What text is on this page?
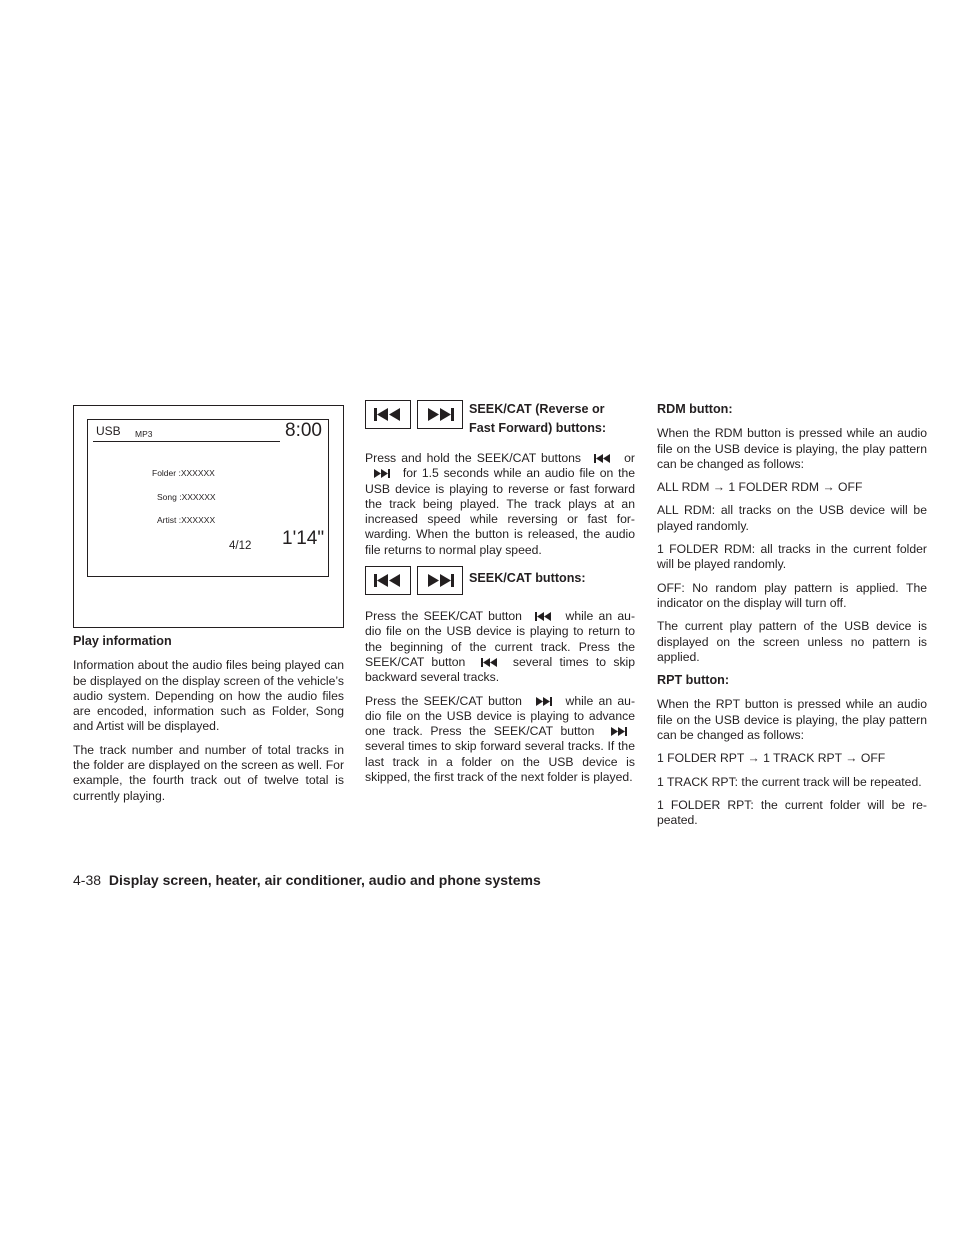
USB MP3	8:00
Folder :XXXXXX
Song :XXXXXX
Artist :XXXXXX
4/12 1'14"
Play information

Information about the audio files being played can be displayed on the display screen of the vehicle’s audio system. Depending on how the audio files are encoded, information such as Folder, Song and Artist will be displayed.

The track number and number of total tracks in the folder are displayed on the screen as well. For example, the fourth track out of twelve total is currently playing.

SEEK/CAT (Reverse or
Fast Forward) buttons:

Press and hold the SEEK/CAT buttons	or  for 1.5 seconds while an audio file on the USB device is playing to reverse or fast forward the track being played. The track plays at an increased speed while reversing or fast for-warding. When the button is released, the audio file returns to normal play speed.

SEEK/CAT buttons:

Press the SEEK/CAT button	while an au-dio file on the USB device is playing to return to the beginning of the current track. Press the SEEK/CAT button	several times to skip backward several tracks.

Press the SEEK/CAT button	while an au-dio file on the USB device is playing to advance one track. Press the SEEK/CAT button  several times to skip forward several tracks. If the last track in a folder on the USB device is skipped, the first track of the next folder is played.

RDM button:

When the RDM button is pressed while an audio file on the USB device is playing, the play pattern can be changed as follows:

ALL RDM → 1 FOLDER RDM → OFF

ALL RDM: all tracks on the USB device will be played randomly.

1 FOLDER RDM: all tracks in the current folder will be played randomly.

OFF: No random play pattern is applied. The indicator on the display will turn off.

The current play pattern of the USB device is displayed on the screen unless no pattern is applied.

RPT button:

When the RPT button is pressed while an audio file on the USB device is playing, the play pattern can be changed as follows:

1 FOLDER RPT → 1 TRACK RPT → OFF

1 TRACK RPT: the current track will be repeated.

1 FOLDER RPT: the current folder will be re-peated.

4-38 Display screen, heater, air conditioner, audio and phone systems
